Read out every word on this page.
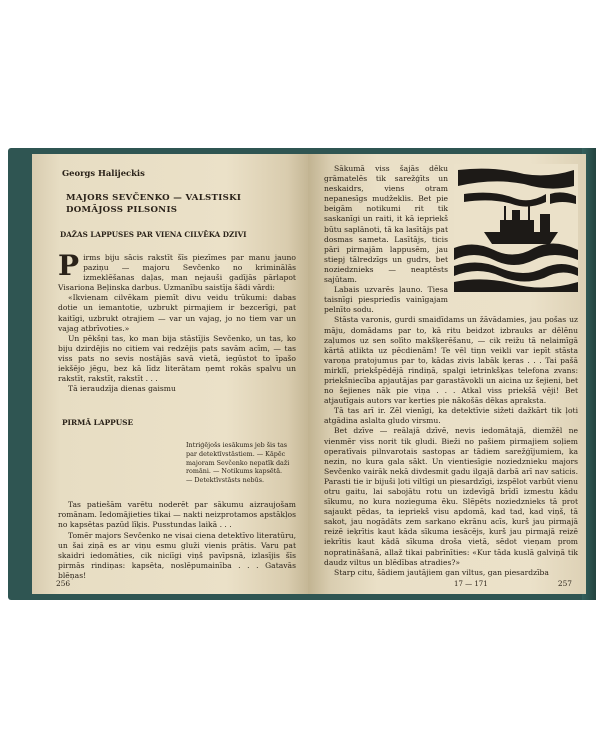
Georgs Halijeckis
MAJORS SEVČENKO — VALSTISKI
DOMĀJOSS PILSONIS
DAŽAS LAPPUSES PAR VIENA CILVĒKA DZIVI

Pirms biju sācis rakstīt šīs piezīmes par manu jauno paziņu — majoru Sevčenko no kriminālās izmeklēšanas daļas, man nejauši gadījās pārlapot Visariona Beļinska darbus. Uzmanību saistīja šādi vārdi:

«Ikvienam cilvēkam piemīt divu veidu trūkumi: dabas dotie un iemantotie, uzbrukt pirmajiem ir bezcerīgi, pat kaitīgi, uzbrukt otrajiem — var un vajag, jo no tiem var un vajag atbrīvoties.»

Un pēkšņi tas, ko man bija stāstījis Sevčenko, un tas, ko biju dzirdējis no citiem vai redzējis pats savām acīm, — tas viss pats no sevis nostājās savā vietā, iegūstot to īpašo iekšējo jēgu, bez kā līdz literātam ņemt rokās spalvu un rakstīt, rakstīt, rakstīt . . .

Tā ieraudzīja dienas gaismu

PIRMĀ LAPPUSE
Intriģējošs iesākums jeb šis tas par detektīvstāstiem. — Kāpēc majoram Sevčenko nepatīk daži romāni. — Notikums kapsētā. — Detektīvstāsts nebūs.

Tas patiešām varētu noderēt par sākumu aizraujošam romānam. Iedomājieties tikai — nakti neizprotamos apstākļos no kapsētas pazūd līķis. Pusstundas laikā . . .

Tomēr majors Sevčenko ne visai ciena detektīvo literatūru, un šai ziņā es ar viņu esmu gluži vienis prātis. Varu pat skaidri iedomāties, cik niciīgi viņš pavīpsnā, izlasījis šīs pirmās rindiņas: kapsēta, noslēpumainība . . . Gatavās blēņas!

256

Sākumā viss šajās dēku grāmatelēs tik sarežģīts un neskaidrs, viens otram nepanesīgs mudžeklis. Bet pie beigām notikumi rit tik saskanīgi un raiti, it kā iepriekš būtu saplānoti, tā ka lasītājs pat dosmas sameta. Lasītājs, ticis pāri pirmajām lappusēm, jau stiepj tālredzīgs un gudrs, bet noziedznieks — neaptēsts sajūtam.

Labais uzvarēs ļauno. Tiesa taisnīgi piespriedīs vainīgajam pelnīto sodu.

Stāsta varonis, gurdi smaidīdams un žāvādamies, jau pošas uz māju, domādams par to, kā ritu beidzot izbrauks ar dēlēnu zaļumos uz sen solīto makšķerēšanu, — cik reižu tā nelaimīgā kārtā atlikta uz pēcdienām! Te vēl tiņn veikli var iepīt stāsta varoņa pratojumus par to, kādas zivis labāk ķeras . . . Tai pašā mirklī, priekšpēdējā rindiņā, spalgi ietrinkšķas telefona zvans: priekšniecība apjautājas par garastāvokli un aicina uz šejieni, bet no šejienes nāk pie viņa . . . Atkal viss priekšā vēji! Bet atjautīgais autors var kerties pie nākošās dēkas apraksta.

Tā tas arī ir. Zēl vienīgi, ka detektīvie sižeti dažkārt tik ļoti atgādina aslalta gludo virsmu.

Bet dzīve — reālajā dzīvē, nevis iedomātajā, diemžēl ne vienmēr viss norit tik gludi. Bieži no pašiem pirmajiem soļiem operatīvais pilnvarotais sastopas ar tādiem sarežģījumiem, ka nezin, no kura gala sākt. Un vientiesīgie noziedznieku majors Sevčenko vairāk nekā divdesmit gadu ilgajā darbā arī nav saticis. Parasti tie ir bijuši ļoti viltīgi un piesardzīgi, izspēlot varbūt vienu otru gaitu, lai sabojātu rotu un izdevīgā brīdī izmestu kādu sīkumu, no kura nozieguma ēku. Slēpēts noziedznieks tā prot sajaukt pēdas, ta iepriekš visu apdomā, kad tad, kad viņš, tā sakot, jau nogādāts zem sarkano ekrānu acīs, kurš jau pirmajā reizē ieķrītis kaut kāda sīkuma iesācējs, kurš jau pirmajā reizē iekrītis kaut kādā sīkuma droša vietā, sēdot vieņam prom nopratināšanā, allaž tikai pabrīnīties: «Kur tāda kuslā galviņā tik daudz viltus un blēdības atradies?»

Starp citu, šādiem jautājiem gan viltus, gan piesardzība

17 — 171	257
